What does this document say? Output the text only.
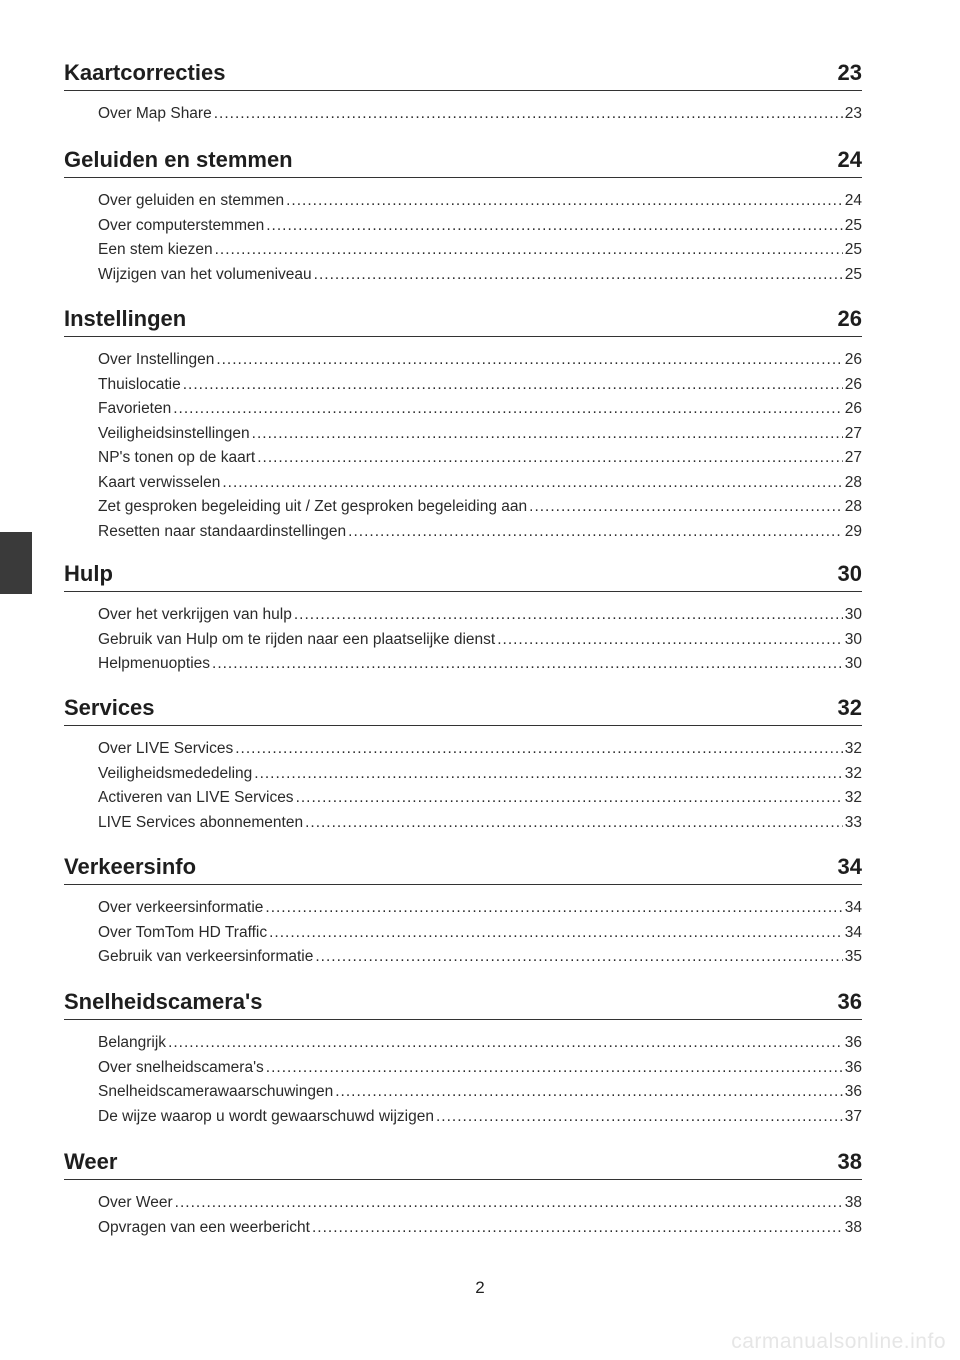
Kaartcorrecties	23
Over Map Share .....	23
Geluiden en stemmen	24
Over geluiden en stemmen .....	24
Over computerstemmen .....	25
Een stem kiezen .....	25
Wijzigen van het volumeniveau .....	25
Instellingen	26
Over Instellingen .....	26
Thuislocatie .....	26
Favorieten .....	26
Veiligheidsinstellingen .....	27
NP's tonen op de kaart .....	27
Kaart verwisselen .....	28
Zet gesproken begeleiding uit / Zet gesproken begeleiding aan .....	28
Resetten naar standaardinstellingen .....	29
Hulp	30
Over het verkrijgen van hulp .....	30
Gebruik van Hulp om te rijden naar een plaatselijke dienst .....	30
Helpmenuopties .....	30
Services	32
Over LIVE Services .....	32
Veiligheidsmededeling .....	32
Activeren van LIVE Services .....	32
LIVE Services abonnementen .....	33
Verkeersinfo	34
Over verkeersinformatie .....	34
Over TomTom HD Traffic .....	34
Gebruik van verkeersinformatie .....	35
Snelheidscamera's	36
Belangrijk .....	36
Over snelheidscamera's .....	36
Snelheidscamerawaarschuwingen .....	36
De wijze waarop u wordt gewaarschuwd wijzigen .....	37
Weer	38
Over Weer .....	38
Opvragen van een weerbericht .....	38
2
carmanualsonline.info
